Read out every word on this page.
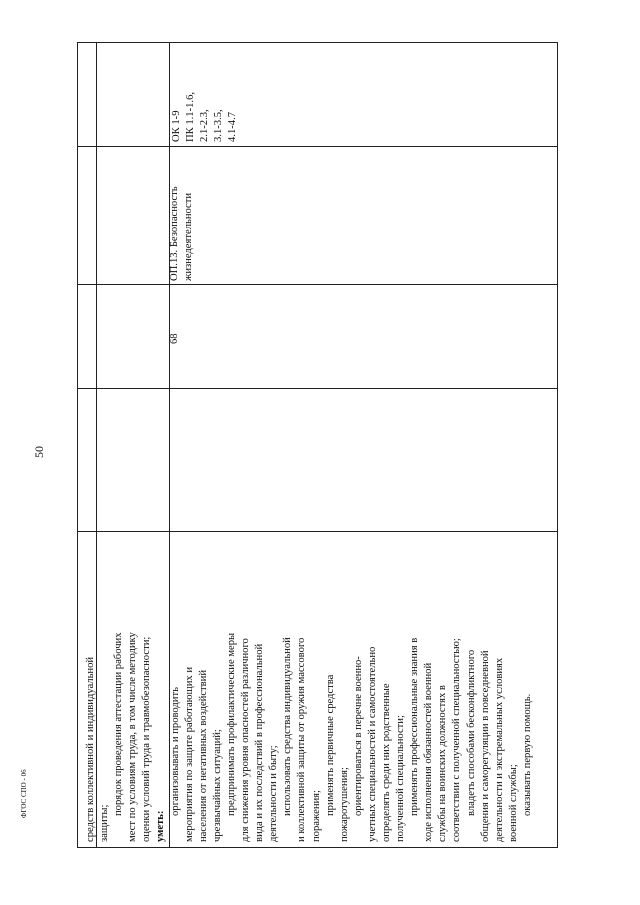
50
средств коллективной и индивидуальной защиты;
порядок проведения аттестации рабочих мест по условиям труда, в том числе методику оценки условий труда и травмобезопасности; уметь:
организовывать и проводить мероприятия по защите работающих и населения от негативных воздействий чрезвычайных ситуаций; предпринимать профилактические меры для снижения уровня опасностей различного вида и их последствий в профессиональной деятельности и быту; использовать средства индивидуальной и коллективной защиты от оружия массового поражения; применять первичные средства пожаротушения; ориентироваться в перечне военно- учетных специальностей и самостоятельно определять среди них родственные полученной специальности; применять профессиональные знания в ходе исполнения обязанностей военной службы на воинских должностях в соответствии с полученной специальностью; владеть способами бесконфликтного общения и саморегуляции в повседневной деятельности и экстремальных условиях военной службы; оказывать первую помощь.
68
ОП.13. Безопасность жизнедеятельности
ОК 1-9 ПК 1.1-1.6, 2.1-2.3, 3.1-3.5, 4.1-4.7
ФГОС СПО - 06
